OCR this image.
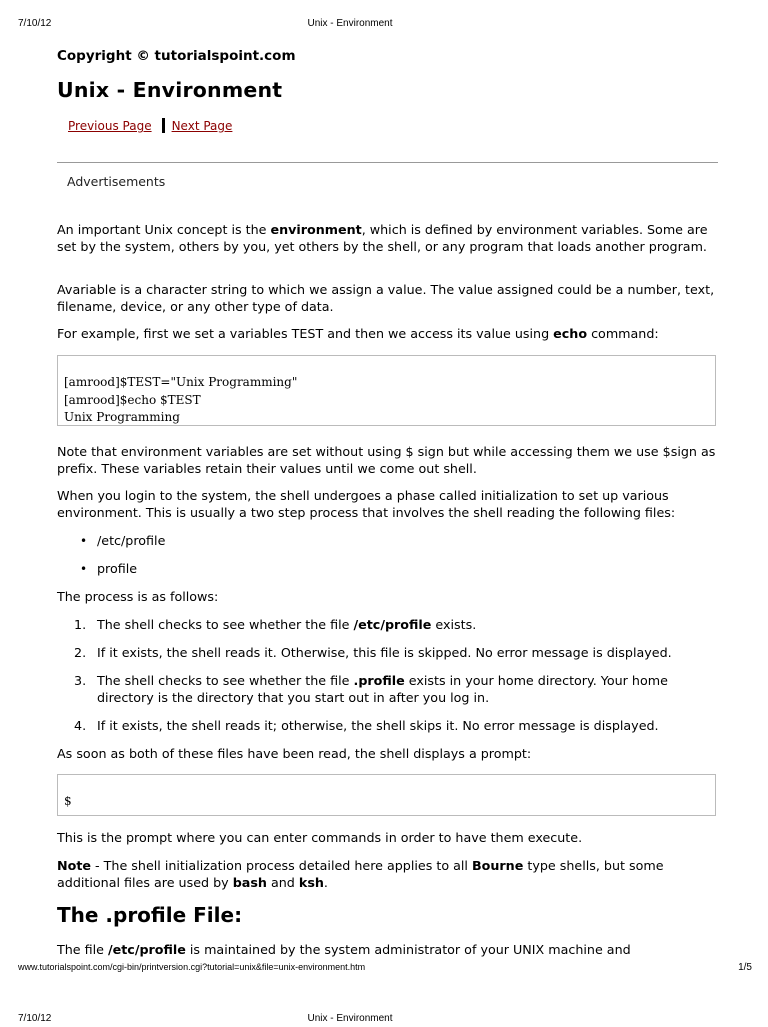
7/10/12	Unix - Environment
Copyright © tutorialspoint.com
Unix - Environment
Previous Page Next Page
Advertisements

An important Unix concept is the environment, which is defined by environment variables. Some are set by the system, others by you, yet others by the shell, or any program that loads another program.

Avariable is a character string to which we assign a value. The value assigned could be a number, text, filename, device, or any other type of data.

For example, first we set a variables TEST and then we access its value using echo command:

[amrood]$TEST="Unix Programming"
[amrood]$echo $TEST
Unix Programming

Note that environment variables are set without using $ sign but while accessing them we use $sign as prefix. These variables retain their values until we come out shell.

When you login to the system, the shell undergoes a phase called initialization to set up various environment. This is usually a two step process that involves the shell reading the following files:

• /etc/profile
• profile

The process is as follows:

1. The shell checks to see whether the file /etc/profile exists.
2. If it exists, the shell reads it. Otherwise, this file is skipped. No error message is displayed.
3. The shell checks to see whether the file .profile exists in your home directory. Your home directory is the directory that you start out in after you log in.
4. If it exists, the shell reads it; otherwise, the shell skips it. No error message is displayed.

As soon as both of these files have been read, the shell displays a prompt:

$

This is the prompt where you can enter commands in order to have them execute.

Note - The shell initialization process detailed here applies to all Bourne type shells, but some additional files are used by bash and ksh.

The .profile File:

The file /etc/profile is maintained by the system administrator of your UNIX machine and

www.tutorialspoint.com/cgi-bin/printversion.cgi?tutorial=unix&file=unix-environment.htm	1/5
7/10/12	Unix - Environment
